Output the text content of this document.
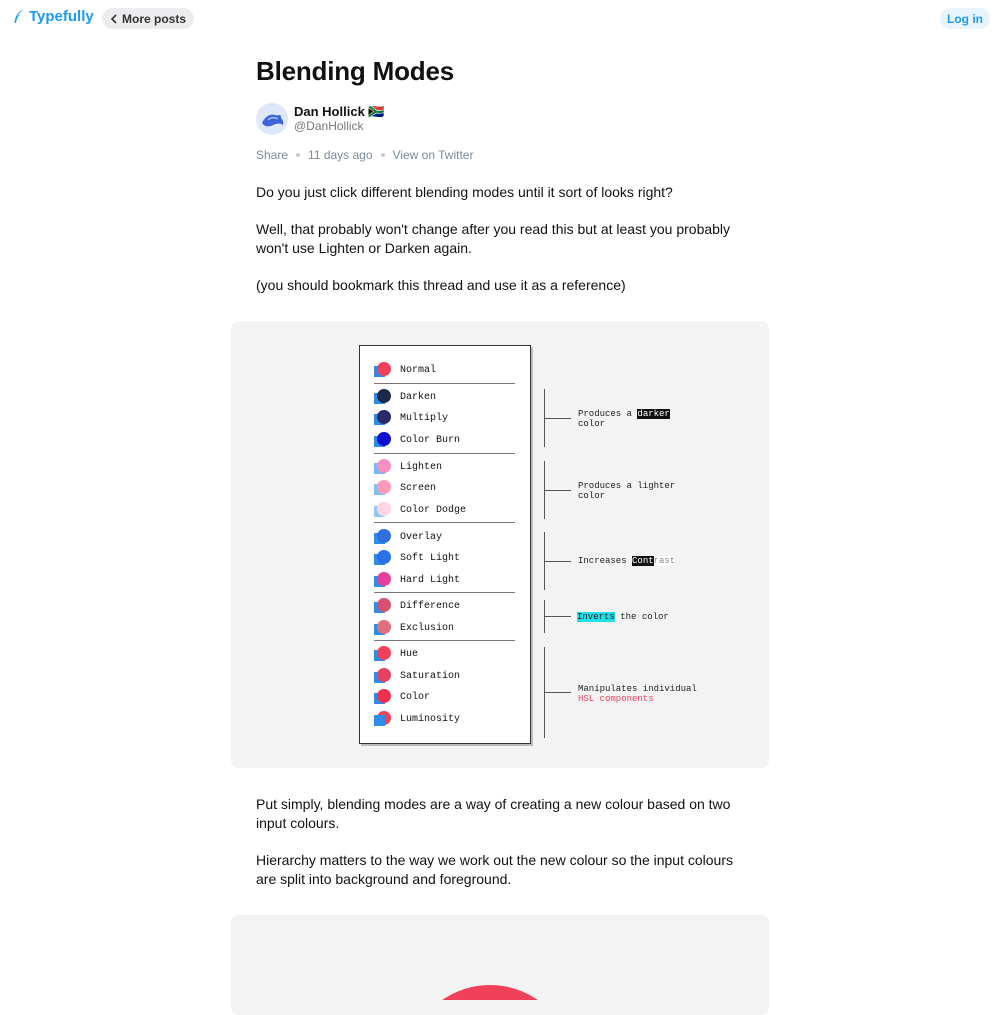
Typefully More posts	Log in
Blending Modes
Dan Hollick 🇿🇦
@DanHollick
Share 11 days ago View on Twitter

Do you just click different blending modes until it sort of looks right?

Well, that probably won't change after you read this but at least you probably won't use Lighten or Darken again.

(you should bookmark this thread and use it as a reference)

Normal
Darken
Multiply
Color Burn
Lighten
Screen
Color Dodge
Overlay
Soft Light
Hard Light
Difference
Exclusion
Hue
Saturation
Color
Luminosity
Produces a darker
color
Produces a lighter
color
Increases Contrast
Inverts the color
Manipulates individual
HSL components

Put simply, blending modes are a way of creating a new colour based on two input colours.

Hierarchy matters to the way we work out the new colour so the input colours are split into background and foreground.
